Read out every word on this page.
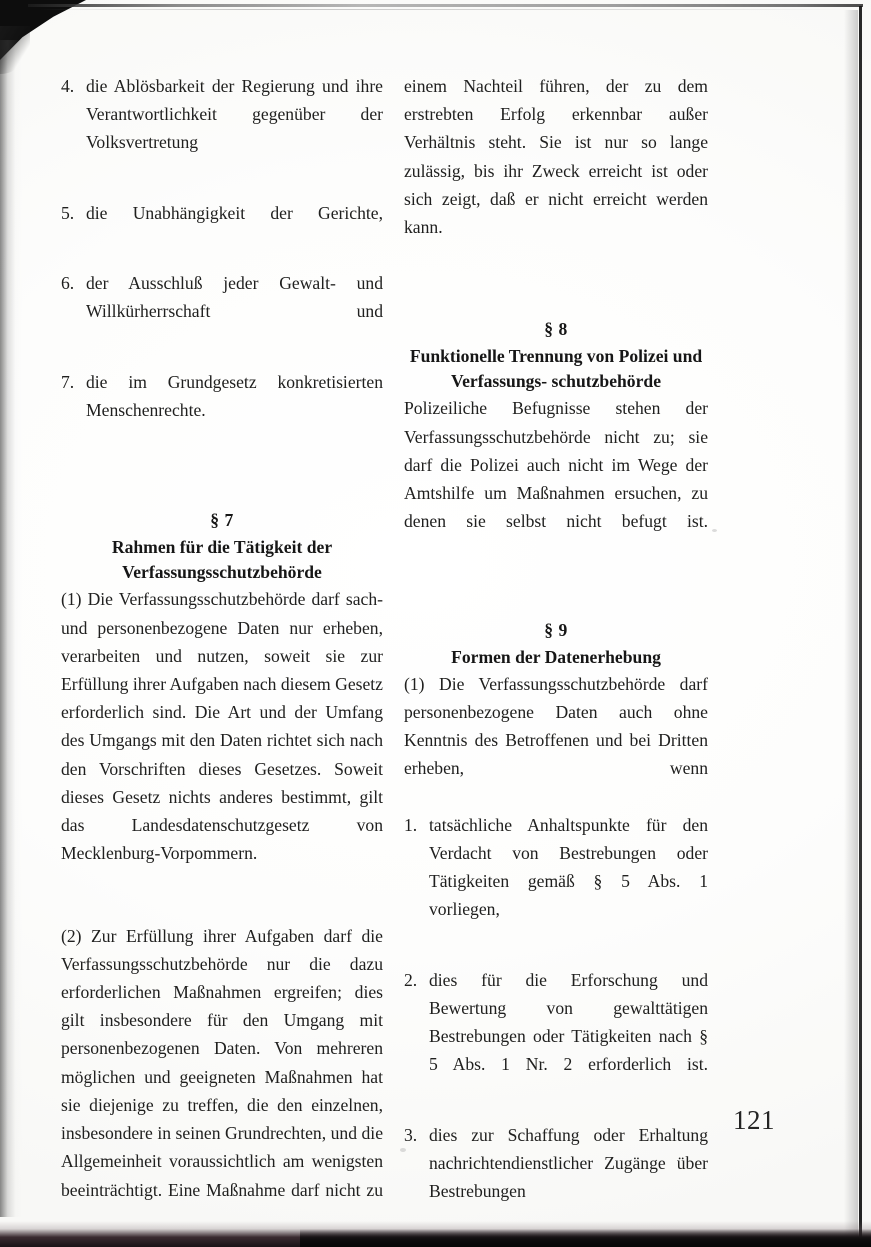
4. die Ablösbarkeit der Regierung und ihre Verantwortlichkeit gegenüber der Volksvertretung
5. die Unabhängigkeit der Gerichte,
6. der Ausschluß jeder Gewalt- und Willkürherrschaft und
7. die im Grundgesetz konkretisierten Menschenrechte.
§ 7
Rahmen für die Tätigkeit der Verfassungsschutzbehörde

(1) Die Verfassungsschutzbehörde darf sach- und personenbezogene Daten nur erheben, verarbeiten und nutzen, soweit sie zur Erfüllung ihrer Aufgaben nach diesem Gesetz erforderlich sind. Die Art und der Umfang des Umgangs mit den Daten richtet sich nach den Vorschriften dieses Gesetzes. Soweit dieses Gesetz nichts anderes bestimmt, gilt das Landesdatenschutzgesetz von Mecklenburg-Vorpommern.

(2) Zur Erfüllung ihrer Aufgaben darf die Verfassungsschutzbehörde nur die dazu erforderlichen Maßnahmen ergreifen; dies gilt insbesondere für den Umgang mit personenbezogenen Daten. Von mehreren möglichen und geeigneten Maßnahmen hat sie diejenige zu treffen, die den einzelnen, insbesondere in seinen Grundrechten, und die Allgemeinheit voraussichtlich am wenigsten beeinträchtigt. Eine Maßnahme darf nicht zu

einem Nachteil führen, der zu dem erstrebten Erfolg erkennbar außer Verhältnis steht. Sie ist nur so lange zulässig, bis ihr Zweck erreicht ist oder sich zeigt, daß er nicht erreicht werden kann.

§ 8
Funktionelle Trennung von Polizei und Verfassungs- schutzbehörde

Polizeiliche Befugnisse stehen der Verfassungsschutzbehörde nicht zu; sie darf die Polizei auch nicht im Wege der Amtshilfe um Maßnahmen ersuchen, zu denen sie selbst nicht befugt ist.

§ 9
Formen der Datenerhebung

(1) Die Verfassungsschutzbehörde darf personenbezogene Daten auch ohne Kenntnis des Betroffenen und bei Dritten erheben, wenn

1. tatsächliche Anhaltspunkte für den Verdacht von Bestrebungen oder Tätigkeiten gemäß § 5 Abs. 1 vorliegen,
2. dies für die Erforschung und Bewertung von gewalttätigen Bestrebungen oder Tätigkeiten nach § 5 Abs. 1 Nr. 2 erforderlich ist.
3. dies zur Schaffung oder Erhaltung nachrichtendienstlicher Zugänge über Bestrebungen
121
